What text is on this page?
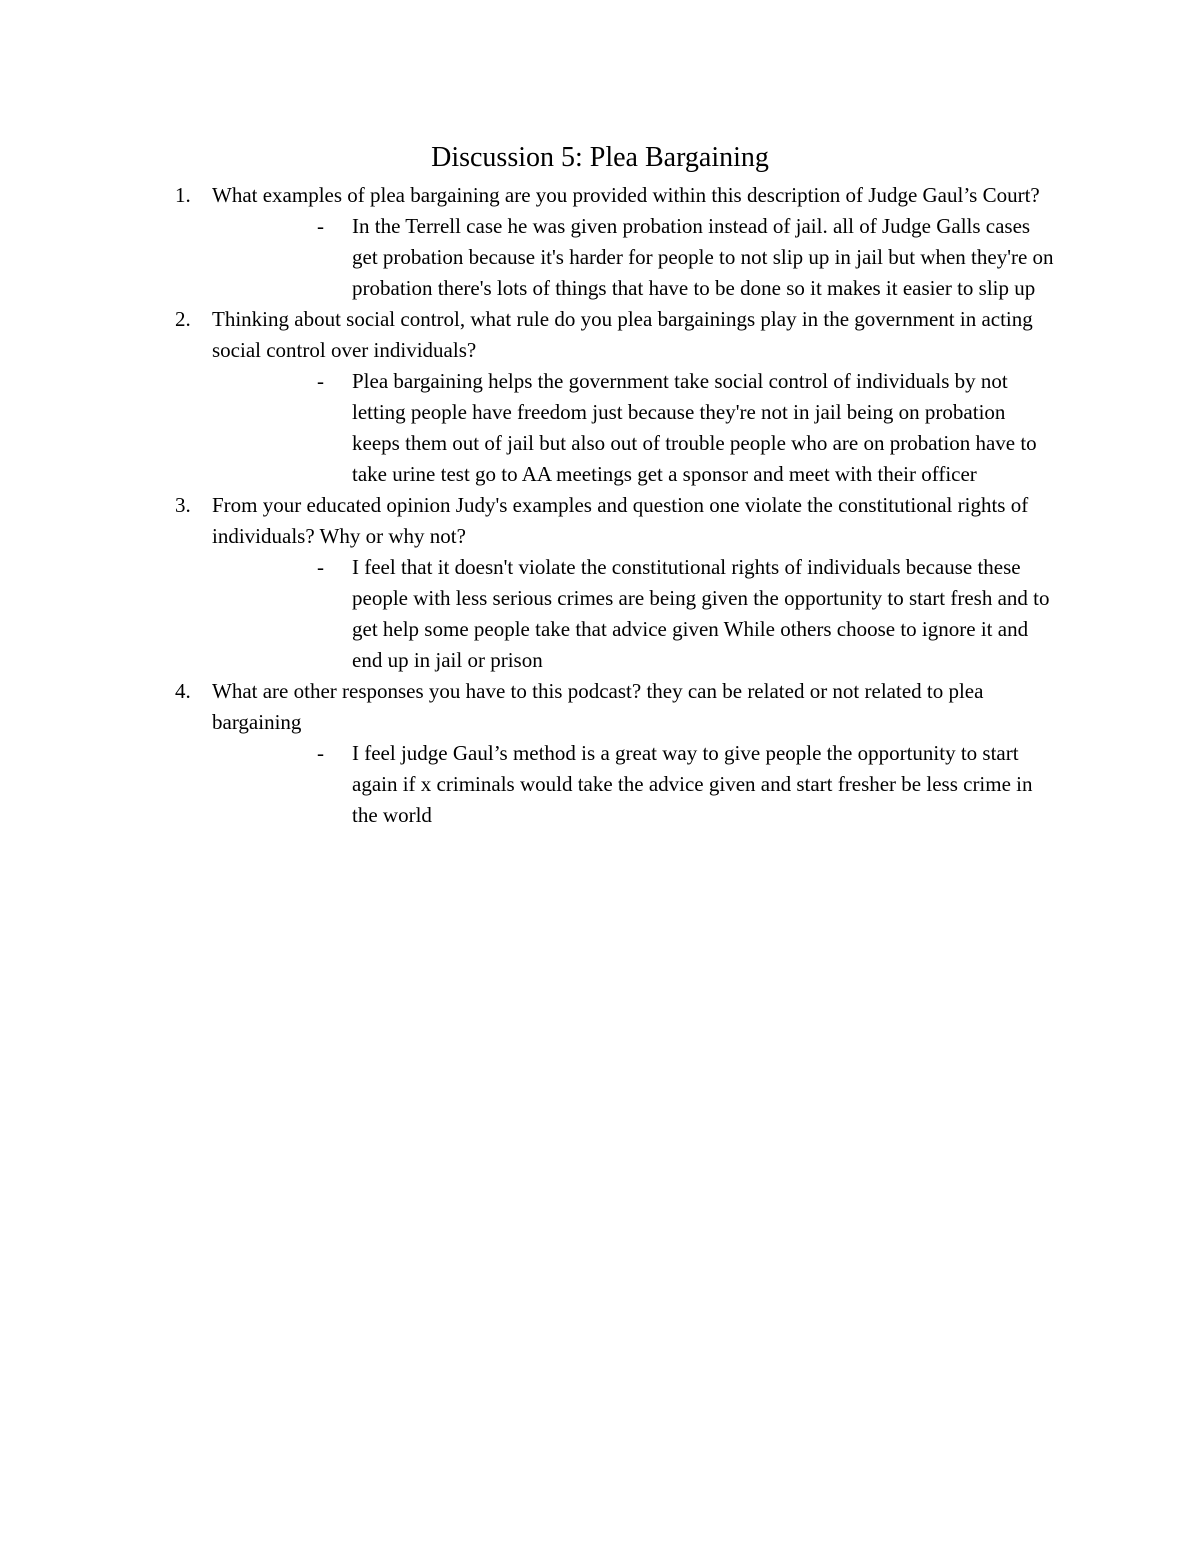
Discussion 5: Plea Bargaining
1.	What examples of plea bargaining are you provided within this description of Judge Gaul’s Court?
-	In the Terrell case he was given probation instead of jail. all of Judge Galls cases get probation because it's harder for people to not slip up in jail but when they're on probation there's lots of things that have to be done so it makes it easier to slip up
2.	Thinking about social control, what rule do you plea bargainings play in the government in acting social control over individuals?
-	Plea bargaining helps the government take social control of individuals by not letting people have freedom just because they're not in jail being on probation keeps them out of jail but also out of trouble people who are on probation have to take urine test go to AA meetings get a sponsor and meet with their officer
3.	From your educated opinion Judy's examples and question one violate the constitutional rights of individuals? Why or why not?
-	I feel that it doesn't violate the constitutional rights of individuals because these people with less serious crimes are being given the opportunity to start fresh and to get help some people take that advice given While others choose to ignore it and end up in jail or prison
4.	What are other responses you have to this podcast? they can be related or not related to plea bargaining
-	I feel judge Gaul’s method is a great way to give people the opportunity to start again if x criminals would take the advice given and start fresher be less crime in the world
